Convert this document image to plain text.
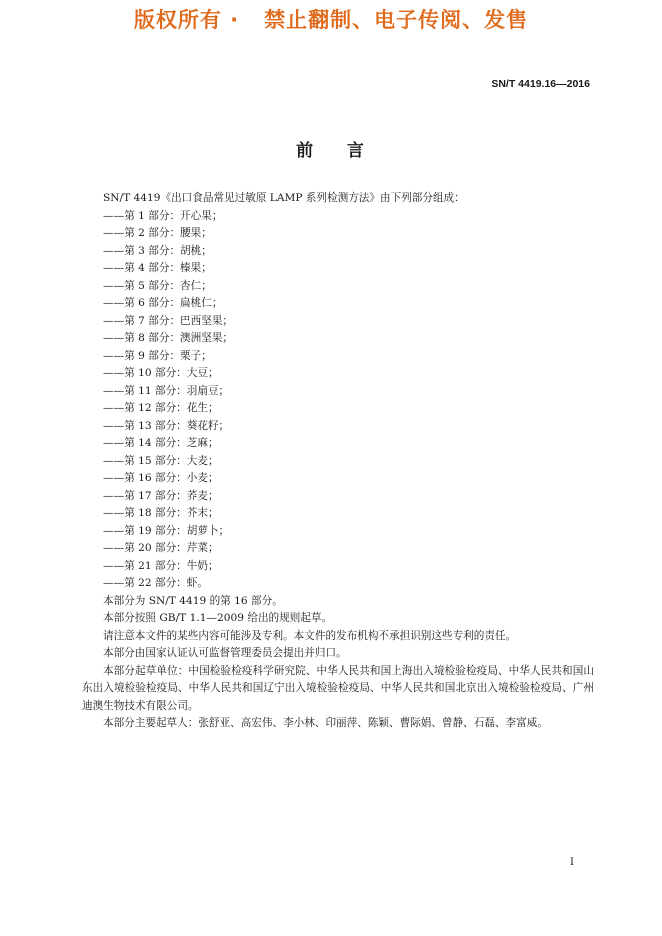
版权所有 ·   禁止翻制、电子传阅、发售
SN/T 4419.16—2016
前    言
SN/T 4419《出口食品常见过敏原 LAMP 系列检测方法》由下列部分组成：
——第 1 部分：开心果；
——第 2 部分：腰果；
——第 3 部分：胡桃；
——第 4 部分：榛果；
——第 5 部分：杏仁；
——第 6 部分：扁桃仁；
——第 7 部分：巴西坚果；
——第 8 部分：澳洲坚果；
——第 9 部分：栗子；
——第 10 部分：大豆；
——第 11 部分：羽扇豆；
——第 12 部分：花生；
——第 13 部分：葵花籽；
——第 14 部分：芝麻；
——第 15 部分：大麦；
——第 16 部分：小麦；
——第 17 部分：荞麦；
——第 18 部分：芥末；
——第 19 部分：胡萝卜；
——第 20 部分：芹菜；
——第 21 部分：牛奶；
——第 22 部分：虾。
本部分为 SN/T 4419 的第 16 部分。
本部分按照 GB/T 1.1—2009 给出的规则起草。
请注意本文件的某些内容可能涉及专利。本文件的发布机构不承担识别这些专利的责任。
本部分由国家认证认可监督管理委员会提出并归口。
本部分起草单位：中国检验检疫科学研究院、中华人民共和国上海出入境检验检疫局、中华人民共和国山东出入境检验检疫局、中华人民共和国辽宁出入境检验检疫局、中华人民共和国北京出入境检验检疫局、广州迪澳生物技术有限公司。
本部分主要起草人：张舒亚、高宏伟、李小林、印丽萍、陈颖、曹际娟、曾静、石磊、李富威。
I
